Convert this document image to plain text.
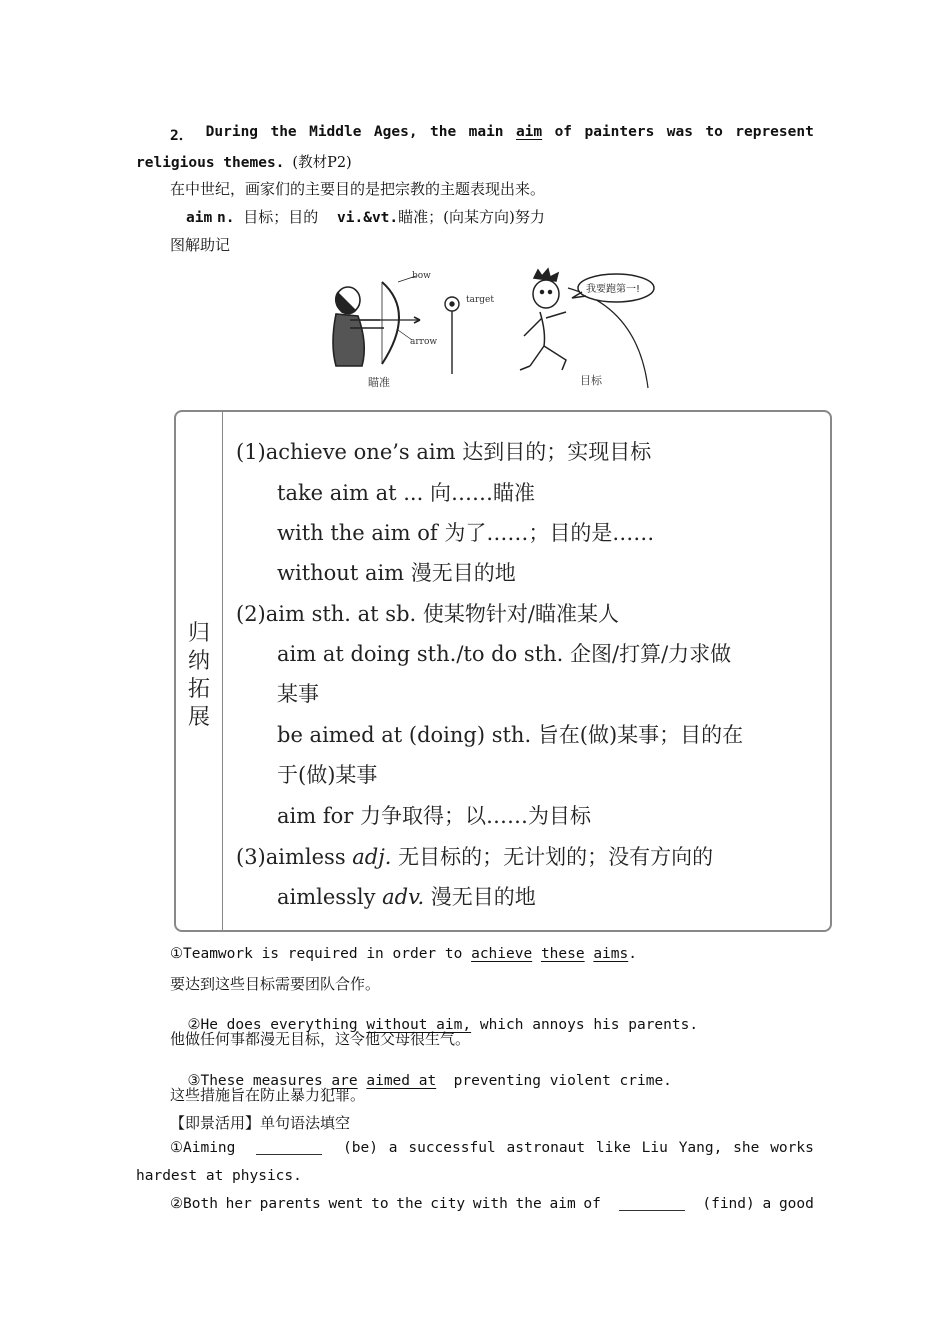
2． During the Middle Ages, the main aim of painters was to represent
religious themes. (教材P2)
在中世纪，画家们的主要目的是把宗教的主题表现出来。
aim n. 目标；目的 vi.&vt.瞄准；(向某方向)努力
图解助记
bow
arrow
target
瞄准
我要跑第一!
目标
归
纳
拓
展
(1)achieve one’s aim 达到目的；实现目标
take aim at ... 向……瞄准
with the aim of 为了……；目的是……
without aim 漫无目的地
(2)aim sth. at sb. 使某物针对/瞄准某人
aim at doing sth./to do sth. 企图/打算/力求做
某事
be aimed at (doing) sth. 旨在(做)某事；目的在
于(做)某事
aim for 力争取得；以……为目标
(3)aimless adj. 无目标的；无计划的；没有方向的
aimlessly adv. 漫无目的地
①Teamwork is required in order to achieve these aims.
要达到这些目标需要团队合作。

②He does everything without aim, which annoys his parents.

他做任何事都漫无目标，这令他父母很生气。

③These measures are aimed at  preventing violent crime.

这些措施旨在防止暴力犯罪。
【即景活用】单句语法填空
①Aiming	(be) a successful astronaut like Liu Yang, she works
hardest at physics.
②Both her parents went to the city with the aim of	(find) a good
